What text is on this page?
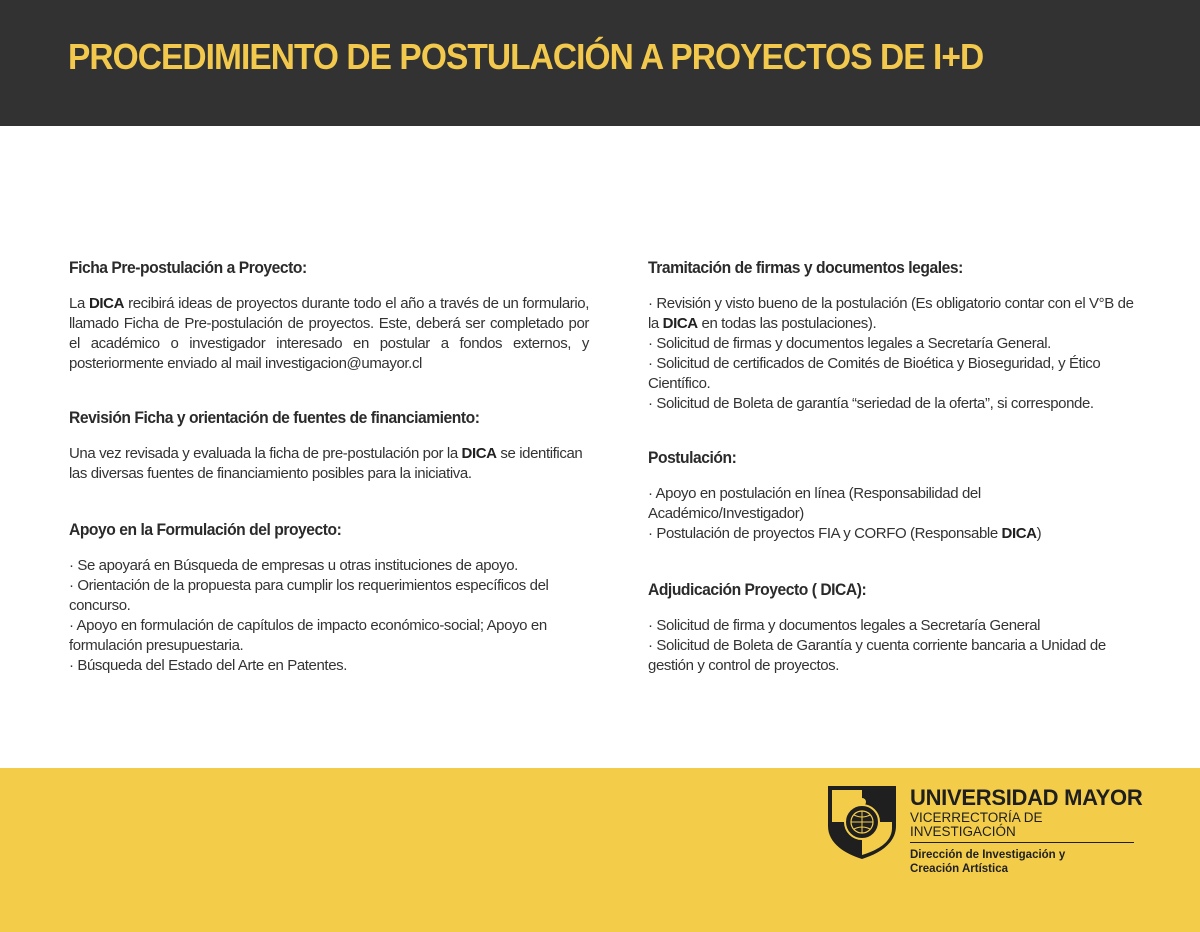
PROCEDIMIENTO DE POSTULACIÓN A PROYECTOS DE I+D
Ficha Pre-postulación a Proyecto:

La DICA recibirá ideas de proyectos durante todo el año a través de un formulario, llamado Ficha de Pre-postulación de proyectos. Este, deberá ser completado por el académico o investigador interesado en postular a fondos externos, y posteriormente enviado al mail investigacion@umayor.cl

Revisión Ficha y orientación de fuentes de financiamiento:

Una vez revisada y evaluada la ficha de pre-postulación por la DICA se identifican las diversas fuentes de financiamiento posibles para la iniciativa.

Apoyo en la Formulación del proyecto:
· Se apoyará en Búsqueda de empresas u otras instituciones de apoyo.
· Orientación de la propuesta para cumplir los requerimientos específicos del concurso.
· Apoyo en formulación de capítulos de impacto económico-social; Apoyo en formulación presupuestaria.
· Búsqueda del Estado del Arte en Patentes.
Tramitación de firmas y documentos legales:
· Revisión y visto bueno de la postulación (Es obligatorio contar con el V°B de la DICA en todas las postulaciones).
· Solicitud de firmas y documentos legales a Secretaría General.
· Solicitud de certificados de Comités de Bioética y Bioseguridad, y Ético Científico.
· Solicitud de Boleta de garantía “seriedad de la oferta”, si corresponde.
Postulación:
· Apoyo en postulación en línea (Responsabilidad del Académico/Investigador)
· Postulación de proyectos FIA y CORFO (Responsable DICA)
Adjudicación Proyecto ( DICA):
· Solicitud de firma y documentos legales a Secretaría General
· Solicitud de Boleta de Garantía y cuenta corriente bancaria a Unidad de gestión y control de proyectos.
UNIVERSIDAD MAYOR
VICERRECTORÍA DE
INVESTIGACIÓN
Dirección de Investigación y
Creación Artística
